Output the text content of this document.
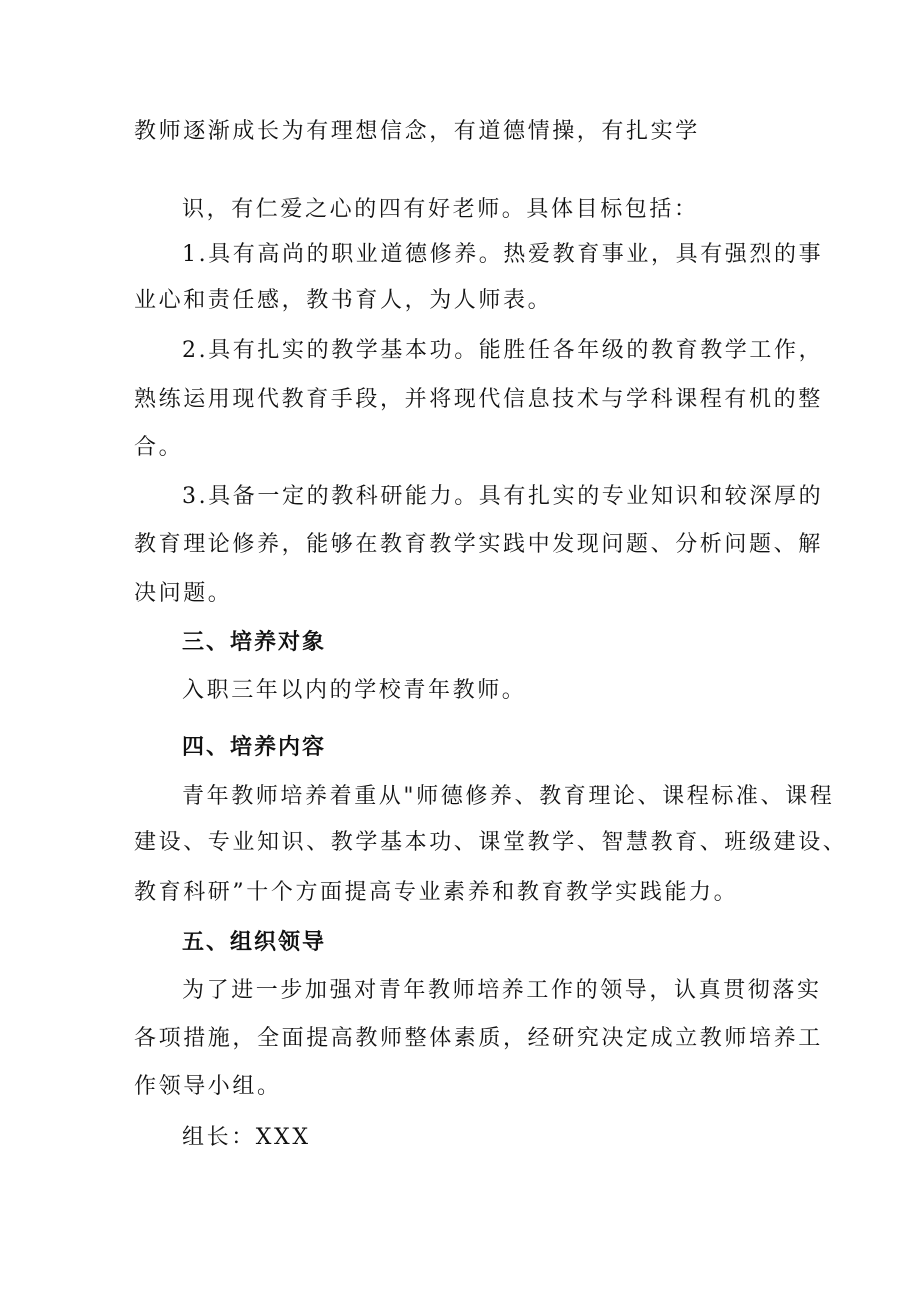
教师逐渐成长为有理想信念，有道德情操，有扎实学
识，有仁爱之心的四有好老师。具体目标包括：
1.具有高尚的职业道德修养。热爱教育事业，具有强烈的事
业心和责任感，教书育人，为人师表。
2.具有扎实的教学基本功。能胜任各年级的教育教学工作，
熟练运用现代教育手段，并将现代信息技术与学科课程有机的整
合。
3.具备一定的教科研能力。具有扎实的专业知识和较深厚的
教育理论修养，能够在教育教学实践中发现问题、分析问题、解
决问题。
三、培养对象
入职三年以内的学校青年教师。
四、培养内容
青年教师培养着重从"师德修养、教育理论、课程标准、课程
建设、专业知识、教学基本功、课堂教学、智慧教育、班级建设、
教育科研”十个方面提高专业素养和教育教学实践能力。
五、组织领导
为了进一步加强对青年教师培养工作的领导，认真贯彻落实
各项措施，全面提高教师整体素质，经研究决定成立教师培养工
作领导小组。
组长：XXX
